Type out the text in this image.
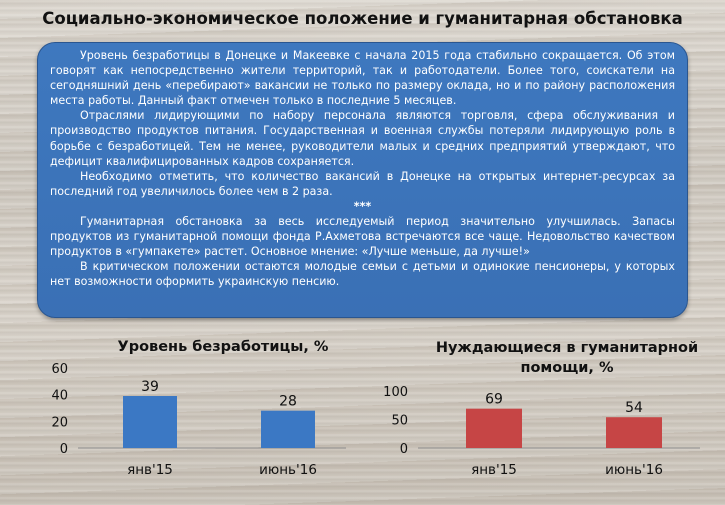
Социально-экономическое положение и гуманитарная обстановка

Уровень безработицы в Донецке и Макеевке с начала 2015 года стабильно сокращается. Об этом говорят как непосредственно жители территорий, так и работодатели. Более того, соискатели на сегодняшний день «перебирают» вакансии не только по размеру оклада, но и по району расположения места работы. Данный факт отмечен только в последние 5 месяцев.

Отраслями лидирующими по набору персонала являются торговля, сфера обслуживания и производство продуктов питания. Государственная и военная службы потеряли лидирующую роль в борьбе с безработицей. Тем не менее, руководители малых и средних предприятий утверждают, что дефицит квалифицированных кадров сохраняется.

Необходимо отметить, что количество вакансий в Донецке на открытых интернет-ресурсах за последний год увеличилось более чем в 2 раза.

***

Гуманитарная обстановка за весь исследуемый период значительно улучшилась. Запасы продуктов из гуманитарной помощи фонда Р.Ахметова встречаются все чаще. Недовольство качеством продуктов в «гумпакете» растет. Основное мнение: «Лучше меньше, да лучше!»

В критическом положении остаются молодые семьи с детьми и одинокие пенсионеры, у которых нет возможности оформить украинскую пенсию.

Уровень безработицы, %	Нуждающиеся в гуманитарной
помощи, %
0
20
40
60
39
янв'15
28
июнь'16
0
50
100	69
янв'15
54
июнь'16
